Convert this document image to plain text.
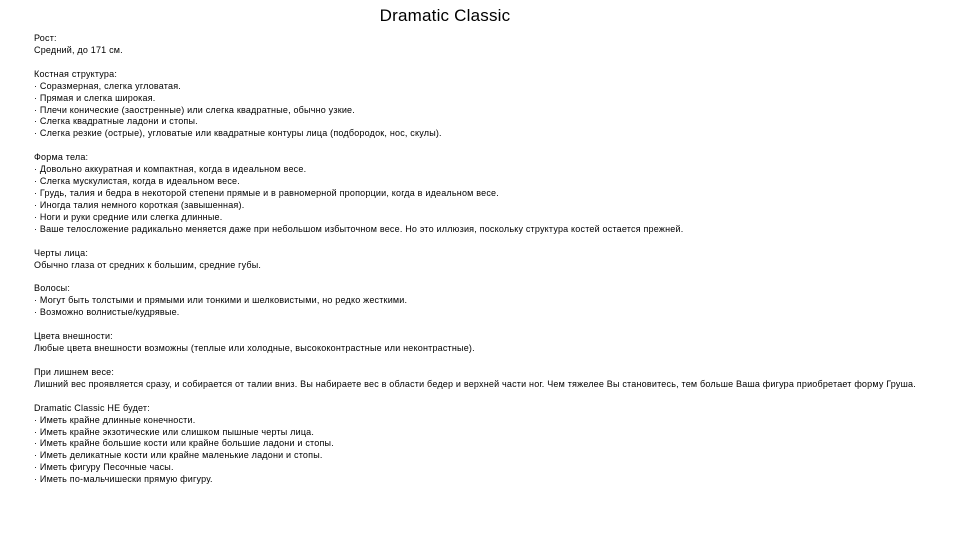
Dramatic Classic
Рост:
Средний, до 171 см.
Костная структура:
· Соразмерная, слегка угловатая.
· Прямая и слегка широкая.
· Плечи конические (заостренные) или слегка квадратные, обычно узкие.
· Слегка квадратные ладони и стопы.
· Слегка резкие (острые), угловатые или квадратные контуры лица (подбородок, нос, скулы).
Форма тела:
· Довольно аккуратная и компактная, когда в идеальном весе.
· Слегка мускулистая, когда в идеальном весе.
· Грудь, талия и бедра в некоторой степени прямые и в равномерной пропорции, когда в идеальном весе.
· Иногда талия немного короткая (завышенная).
· Ноги и руки средние или слегка длинные.
· Ваше телосложение радикально меняется даже при небольшом избыточном весе. Но это иллюзия, поскольку структура костей остается прежней.
Черты лица:
Обычно глаза от средних к большим, средние губы.
Волосы:
· Могут быть толстыми и прямыми или тонкими и шелковистыми, но редко жесткими.
· Возможно волнистые/кудрявые.
Цвета внешности:
Любые цвета внешности возможны (теплые или холодные, высококонтрастные или неконтрастные).
При лишнем весе:
Лишний вес проявляется сразу, и собирается от талии вниз. Вы набираете вес в области бедер и верхней части ног. Чем тяжелее Вы становитесь, тем больше Ваша фигура приобретает форму Груша.
Dramatic Classic НЕ будет:
· Иметь крайне длинные конечности.
· Иметь крайне экзотические или слишком пышные черты лица.
· Иметь крайне большие кости или крайне большие ладони и стопы.
· Иметь деликатные кости или крайне маленькие ладони и стопы.
· Иметь фигуру Песочные часы.
· Иметь по-мальчишески прямую фигуру.
